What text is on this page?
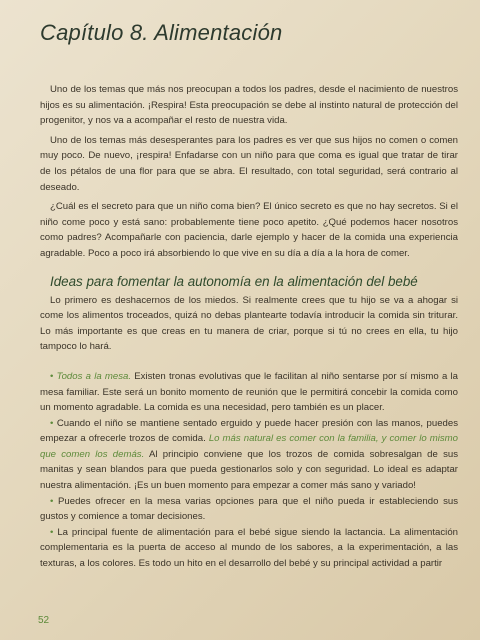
Capítulo 8. Alimentación

Uno de los temas que más nos preocupan a todos los padres, desde el nacimiento de nuestros hijos es su alimentación. ¡Respira! Esta preocupación se debe al instinto natural de protección del progenitor, y nos va a acompañar el resto de nuestra vida.

Uno de los temas más desesperantes para los padres es ver que sus hijos no comen o comen muy poco. De nuevo, ¡respira! Enfadarse con un niño para que coma es igual que tratar de tirar de los pétalos de una flor para que se abra. El resultado, con total seguridad, será contrario al deseado.

¿Cuál es el secreto para que un niño coma bien? El único secreto es que no hay secretos. Si el niño come poco y está sano: probablemente tiene poco apetito. ¿Qué podemos hacer nosotros como padres? Acompañarle con paciencia, darle ejemplo y hacer de la comida una experiencia agradable. Poco a poco irá absorbiendo lo que vive en su día a día a la hora de comer.

Ideas para fomentar la autonomía en la alimentación del bebé

Lo primero es deshacernos de los miedos. Si realmente crees que tu hijo se va a ahogar si come los alimentos troceados, quizá no debas plantearte todavía introducir la comida sin triturar. Lo más importante es que creas en tu manera de criar, porque si tú no crees en ella, tu hijo tampoco lo hará.

• Todos a la mesa. Existen tronas evolutivas que le facilitan al niño sentarse por sí mismo a la mesa familiar. Este será un bonito momento de reunión que le permitirá concebir la comida como un momento agradable. La comida es una necesidad, pero también es un placer.
• Cuando el niño se mantiene sentado erguido y puede hacer presión con las manos, puedes empezar a ofrecerle trozos de comida. Lo más natural es comer con la familia, y comer lo mismo que comen los demás. Al principio conviene que los trozos de comida sobresalgan de sus manitas y sean blandos para que pueda gestionarlos solo y con seguridad. Lo ideal es adaptar nuestra alimentación. ¡Es un buen momento para empezar a comer más sano y variado!
• Puedes ofrecer en la mesa varias opciones para que el niño pueda ir estableciendo sus gustos y comience a tomar decisiones.
• La principal fuente de alimentación para el bebé sigue siendo la lactancia. La alimentación complementaria es la puerta de acceso al mundo de los sabores, a la experimentación, a las texturas, a los colores. Es todo un hito en el desarrollo del bebé y su principal actividad a partir
52
